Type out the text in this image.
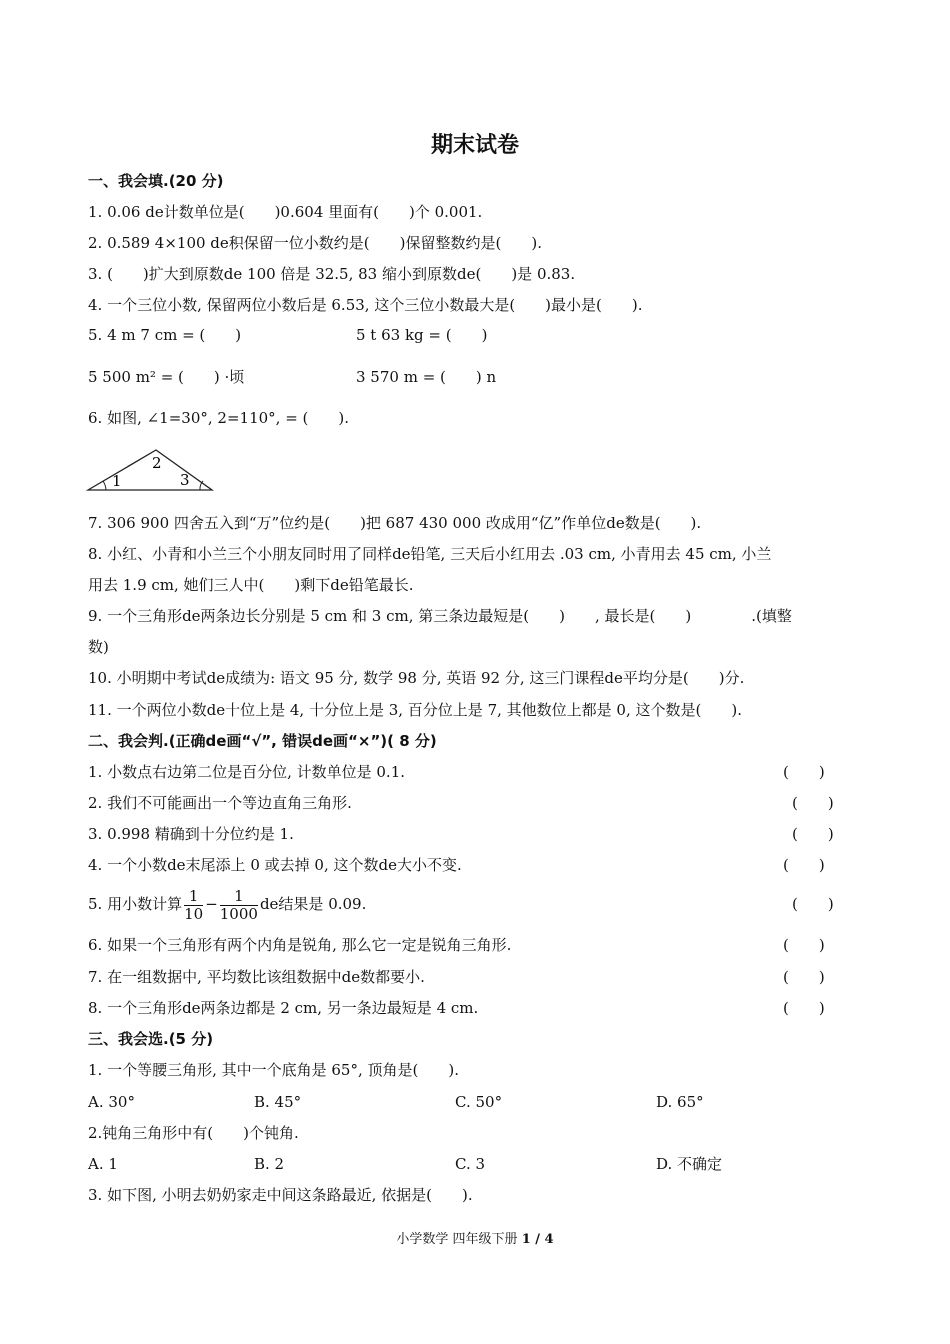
期末试卷
一、我会填.(20 分)
1. 0.06 de计数单位是(　　)0.604 里面有(　　)个 0.001.
2. 0.589 4×100 de积保留一位小数约是(　　)保留整数约是(　　).
3. (　　)扩大到原数de 100 倍是 32.5, 83 缩小到原数de(　　)是 0.83.
4. 一个三位小数, 保留两位小数后是 6.53, 这个三位小数最大是(　　)最小是(　　).
5. 4 m 7 cm = (　　)	5 t 63 kg = (　　)
5 500 m² = (　　) ·顷	3 570 m = (　　) n
6. 如图, ∠1=30°, 2=110°, = (　　).
1
2
3
7. 306 900 四舍五入到“万”位约是(　　)把 687 430 000 改成用“亿”作单位de数是(　　).
8. 小红、小青和小兰三个小朋友同时用了同样de铅笔, 三天后小红用去 .03 cm, 小青用去 45 cm, 小兰
用去 1.9 cm, 她们三人中(　　)剩下de铅笔最长.
9. 一个三角形de两条边长分别是 5 cm 和 3 cm, 第三条边最短是(　　)　　, 最长是(　　)　　　　.(填整
数)
10. 小明期中考试de成绩为: 语文 95 分, 数学 98 分, 英语 92 分, 这三门课程de平均分是(　　)分.
11. 一个两位小数de十位上是 4, 十分位上是 3, 百分位上是 7, 其他数位上都是 0, 这个数是(　　).
二、我会判.(正确de画“√”, 错误de画“×”)( 8 分)
1. 小数点右边第二位是百分位, 计数单位是 0.1.	(　　)
2. 我们不可能画出一个等边直角三角形.	(　　)
3. 0.998 精确到十分位约是 1.	(　　)
4. 一个小数de末尾添上 0 或去掉 0, 这个数de大小不变.	(　　)
5. 用小数计算 $\frac{1}{10} - \frac{1}{1000}$ de结果是 0.09.	(　　)
6. 如果一个三角形有两个内角是锐角, 那么它一定是锐角三角形.	(　　)
7. 在一组数据中, 平均数比该组数据中de数都要小.	(　　)
8. 一个三角形de两条边都是 2 cm, 另一条边最短是 4 cm.	(　　)
三、我会选.(5 分)
1. 一个等腰三角形, 其中一个底角是 65°, 顶角是(　　).
A. 30°	B. 45°	C. 50°	D. 65°
2.钝角三角形中有(　　)个钝角.
A. 1	B. 2	C. 3	D. 不确定
3. 如下图, 小明去奶奶家走中间这条路最近, 依据是(　　).
小学数学 四年级下册 1 / 4
